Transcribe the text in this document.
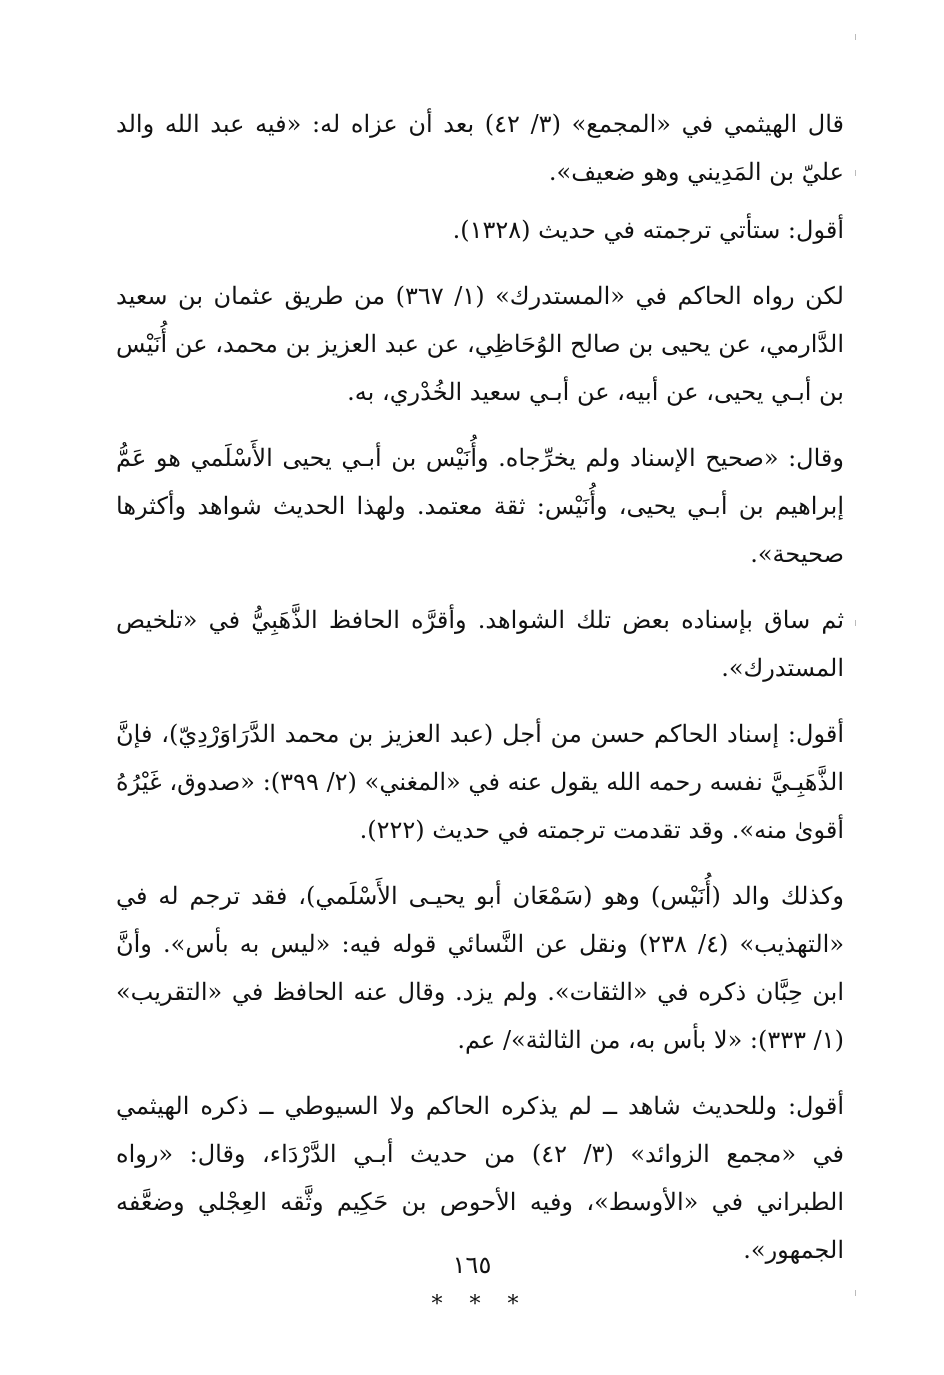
قال الهيثمي في «المجمع» (٣/ ٤٢) بعد أن عزاه له: «فيه عبد الله والد عليّ بن المَدِيني وهو ضعيف».

أقول: ستأتي ترجمته في حديث (١٣٢٨).

لكن رواه الحاكم في «المستدرك» (١/ ٣٦٧) من طريق عثمان بن سعيد الدَّارمي، عن يحيى بن صالح الوُحَاظِي، عن عبد العزيز بن محمد، عن أُنَيْس بن أبـي يحيى، عن أبيه، عن أبـي سعيد الخُدْري، به.

وقال: «صحيح الإسناد ولم يخرِّجاه. وأُنَيْس بن أبـي يحيى الأَسْلَمي هو عَمُّ إبراهيم بن أبـي يحيى، وأُنَيْس: ثقة معتمد. ولهذا الحديث شواهد وأكثرها صحيحة».

ثم ساق بإسناده بعض تلك الشواهد. وأقرَّه الحافظ الذَّهَبِيُّ في «تلخيص المستدرك».

أقول: إسناد الحاكم حسن من أجل (عبد العزيز بن محمد الدَّرَاوَرْدِيّ)، فإنَّ الذَّهَبِـيَّ نفسه رحمه الله يقول عنه في «المغني» (٢/ ٣٩٩): «صدوق، غَيْرُهُ أقوىٰ منه». وقد تقدمت ترجمته في حديث (٢٢٢).

وكذلك والد (أُنَيْس) وهو (سَمْعَان أبو يحيـى الأَسْلَمي)، فقد ترجم له في «التهذيب» (٤/ ٢٣٨) ونقل عن النَّسائي قوله فيه: «ليس به بأس». وأنَّ ابن حِبَّان ذكره في «الثقات». ولم يزد. وقال عنه الحافظ في «التقريب» (١/ ٣٣٣): «لا بأس به، من الثالثة»/ عم.

أقول: وللحديث شاهد ــ لم يذكره الحاكم ولا السيوطي ــ ذكره الهيثمي في «مجمع الزوائد» (٣/ ٤٢) من حديث أبـي الدَّرْدَاء، وقال: «رواه الطبراني في «الأوسط»، وفيه الأحوص بن حَكِيم وثَّقه العِجْلي وضعَّفه الجمهور».

* * *
١٦٥
